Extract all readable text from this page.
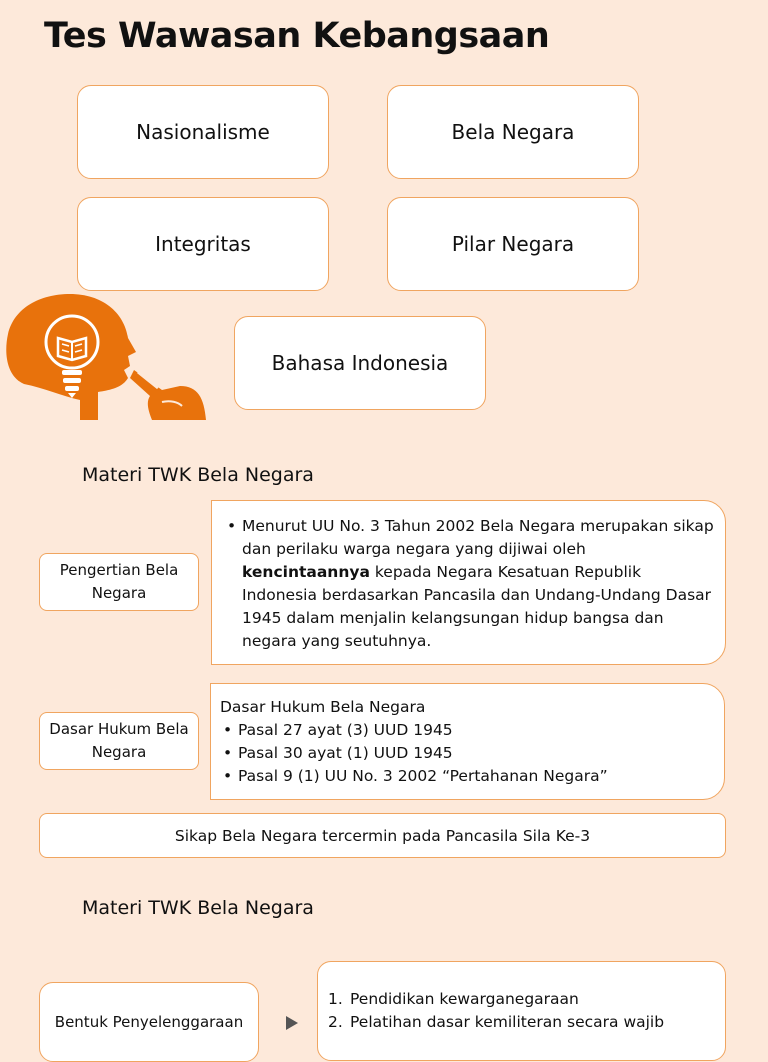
Tes Wawasan Kebangsaan
Nasionalisme	Bela Negara
Integritas	Pilar Negara
Bahasa Indonesia
Materi TWK Bela Negara
Pengertian Bela Negara
• Menurut UU No. 3 Tahun 2002 Bela Negara merupakan sikap dan perilaku warga negara yang dijiwai oleh kencintaannya kepada Negara Kesatuan Republik Indonesia berdasarkan Pancasila dan Undang-Undang Dasar 1945 dalam menjalin kelangsungan hidup bangsa dan negara yang seutuhnya.
Dasar Hukum Bela Negara
Dasar Hukum Bela Negara
• Pasal 27 ayat (3) UUD 1945
• Pasal 30 ayat (1) UUD 1945
• Pasal 9 (1) UU No. 3 2002 “Pertahanan Negara”
Sikap Bela Negara tercermin pada Pancasila Sila Ke-3
Materi TWK Bela Negara
Bentuk Penyelenggaraan
1. Pendidikan kewarganegaraan
2. Pelatihan dasar kemiliteran secara wajib
